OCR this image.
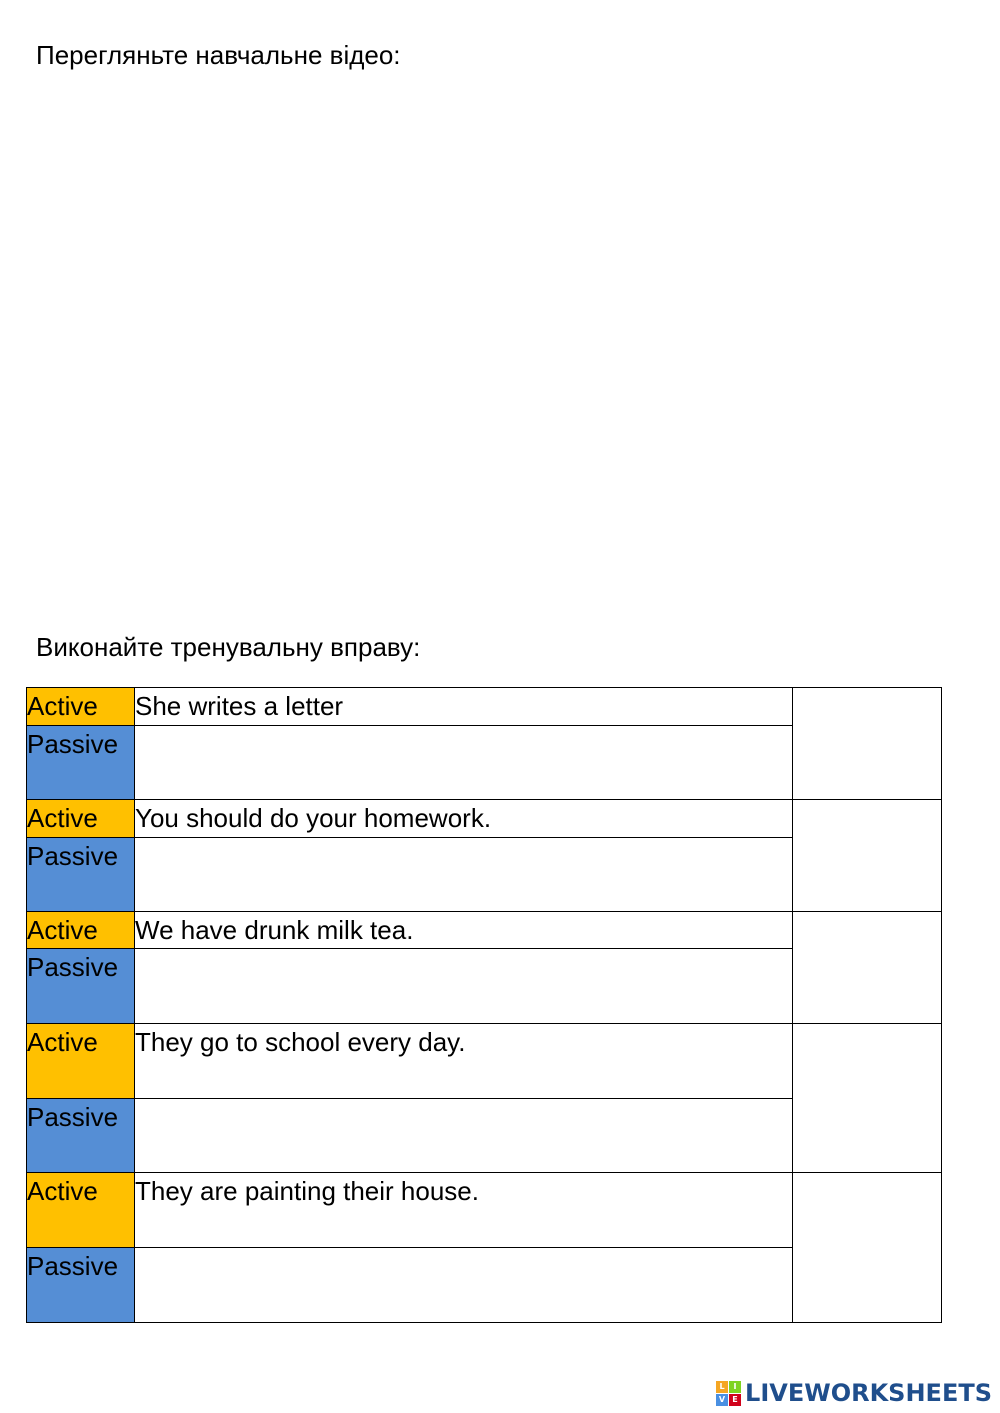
Перегляньте навчальне відео:
Виконайте тренувальну вправу:
Active	She writes a letter	

Passive	

Active	You should do your homework.	

Passive	

Active	We have drunk milk tea.	

Passive	

Active	They go to school every day.	

Passive	

Active	They are painting their house.	

Passive	
L	I
V E LIVEWORKSHEETS
